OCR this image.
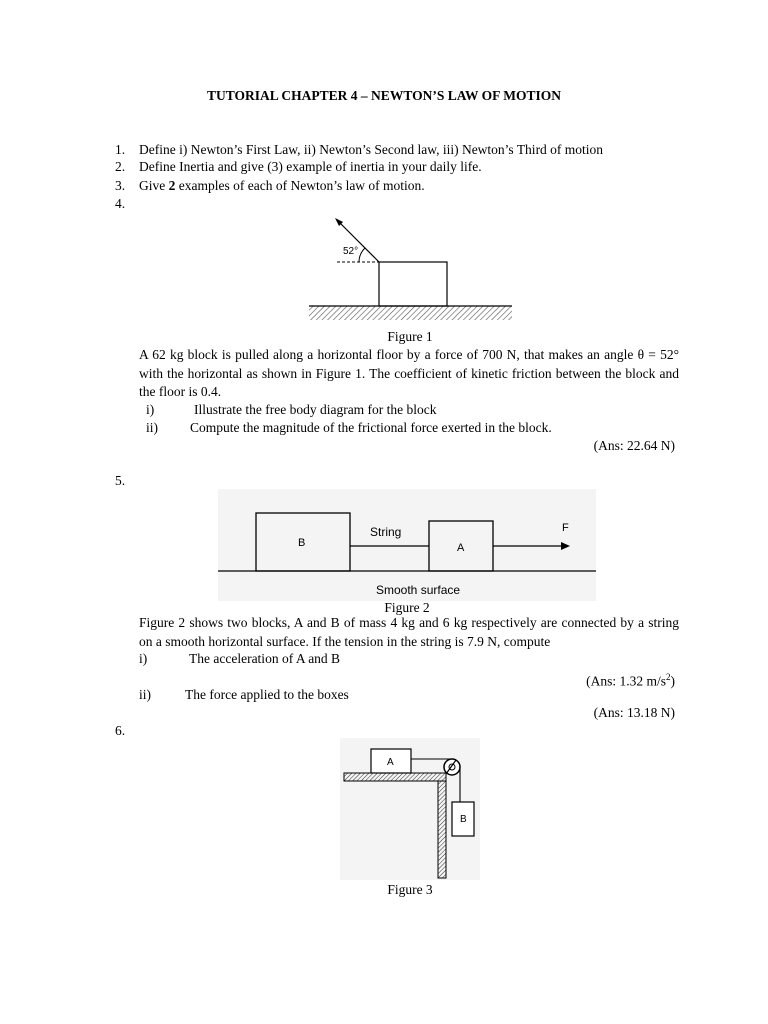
TUTORIAL CHAPTER 4 – NEWTON’S LAW OF MOTION
1.	Define i) Newton’s First Law, ii) Newton’s Second law, iii) Newton’s Third of motion
2.	Define Inertia and give (3) example of inertia in your daily life.
3.	Give 2 examples of each of Newton’s law of motion.
4.
52°
Figure 1
A 62 kg block is pulled along a horizontal floor by a force of 700 N, that makes an angle θ = 52° with the horizontal as shown in Figure 1. The coefficient of kinetic friction between the block and the floor is 0.4.
i)	Illustrate the free body diagram for the block
ii) Compute the magnitude of the frictional force exerted in the block.
(Ans: 22.64 N)
5.
B
String
A
F
Smooth surface
Figure 2
Figure 2 shows two blocks, A and B of mass 4 kg and 6 kg respectively are connected by a string on a smooth horizontal surface. If the tension in the string is 7.9 N, compute
i)	The acceleration of A and B
(Ans: 1.32 $m/s^2$)
ii)	The force applied to the boxes
(Ans: 13.18 N)
6.
A
B
Figure 3
